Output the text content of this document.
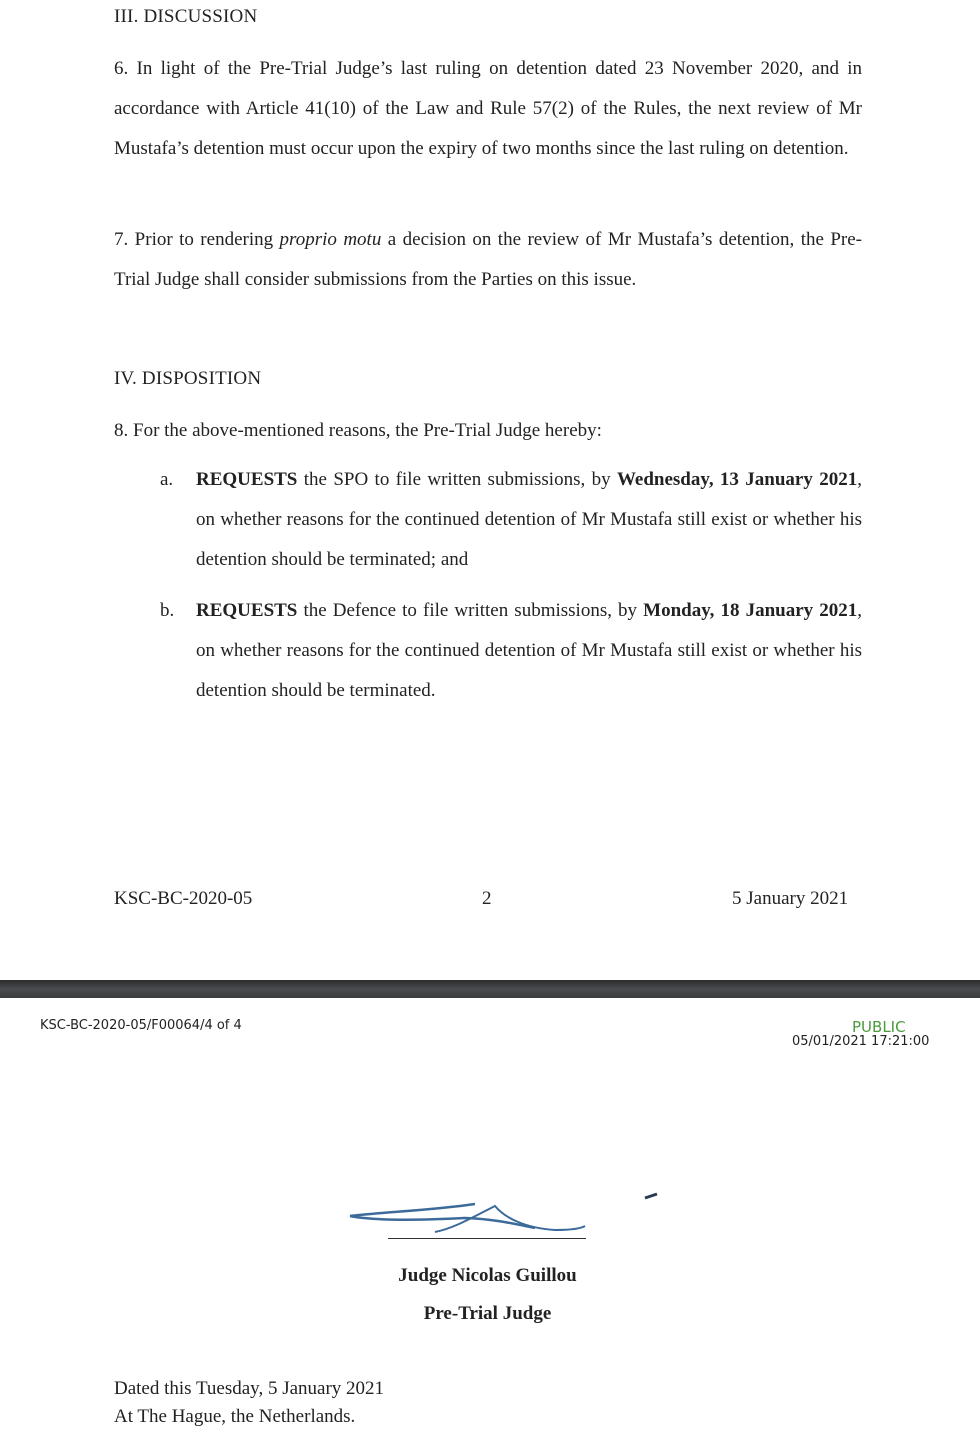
III. DISCUSSION
6. In light of the Pre-Trial Judge’s last ruling on detention dated 23 November 2020, and in accordance with Article 41(10) of the Law and Rule 57(2) of the Rules, the next review of Mr Mustafa’s detention must occur upon the expiry of two months since the last ruling on detention.
7. Prior to rendering proprio motu a decision on the review of Mr Mustafa’s detention, the Pre-Trial Judge shall consider submissions from the Parties on this issue.
IV. DISPOSITION
8. For the above-mentioned reasons, the Pre-Trial Judge hereby:
a. REQUESTS the SPO to file written submissions, by Wednesday, 13 January 2021, on whether reasons for the continued detention of Mr Mustafa still exist or whether his detention should be terminated; and
b. REQUESTS the Defence to file written submissions, by Monday, 18 January 2021, on whether reasons for the continued detention of Mr Mustafa still exist or whether his detention should be terminated.
KSC-BC-2020-05	2	5 January 2021
KSC-BC-2020-05/F00064/4 of 4	PUBLIC
05/01/2021 17:21:00
Judge Nicolas Guillou
Pre-Trial Judge
Dated this Tuesday, 5 January 2021
At The Hague, the Netherlands.
